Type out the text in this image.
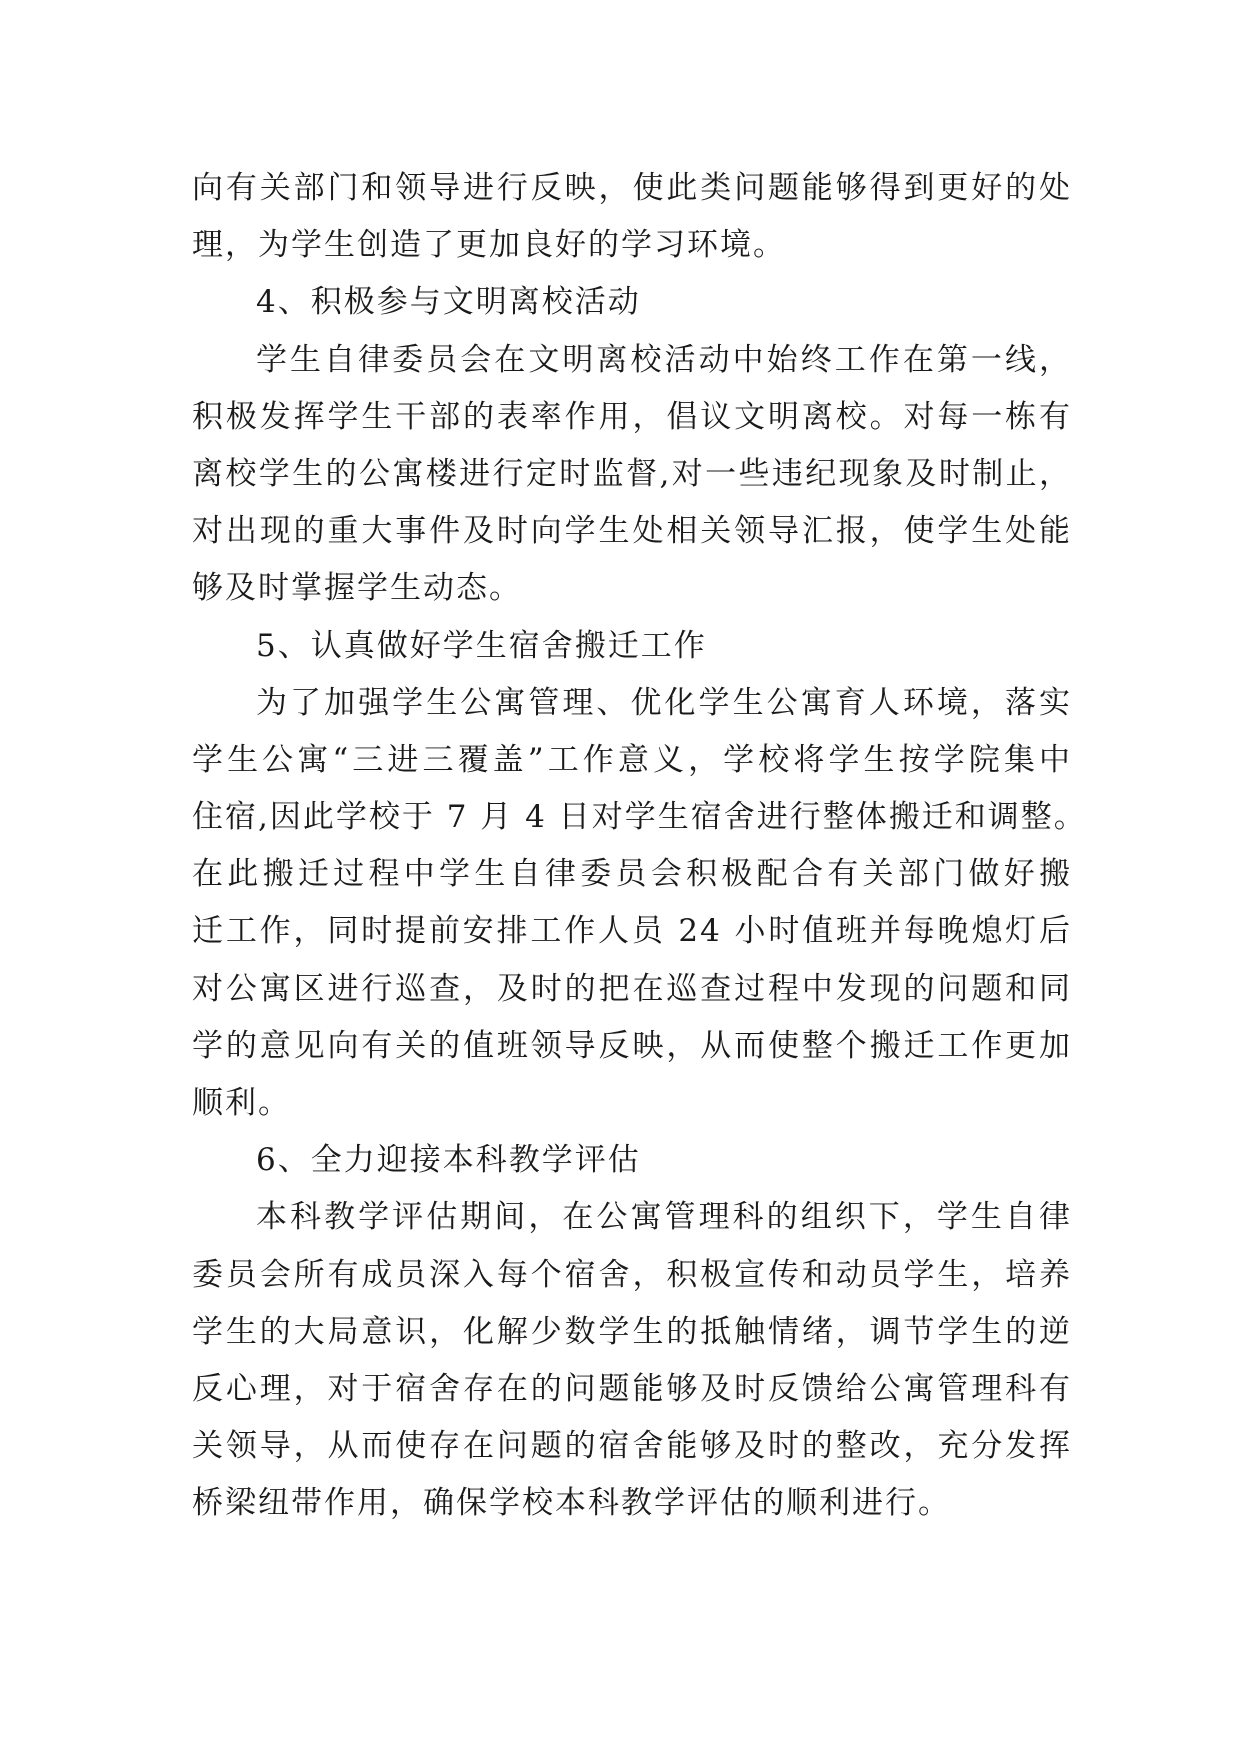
向有关部门和领导进行反映，使此类问题能够得到更好的处
理，为学生创造了更加良好的学习环境。
4、积极参与文明离校活动
学生自律委员会在文明离校活动中始终工作在第一线，
积极发挥学生干部的表率作用，倡议文明离校。对每一栋有
离校学生的公寓楼进行定时监督,对一些违纪现象及时制止，
对出现的重大事件及时向学生处相关领导汇报，使学生处能
够及时掌握学生动态。
5、认真做好学生宿舍搬迁工作
为了加强学生公寓管理、优化学生公寓育人环境，落实
学生公寓“三进三覆盖”工作意义，学校将学生按学院集中
住宿,因此学校于 7 月 4 日对学生宿舍进行整体搬迁和调整。
在此搬迁过程中学生自律委员会积极配合有关部门做好搬
迁工作，同时提前安排工作人员 24 小时值班并每晚熄灯后
对公寓区进行巡查，及时的把在巡查过程中发现的问题和同
学的意见向有关的值班领导反映，从而使整个搬迁工作更加
顺利。
6、全力迎接本科教学评估
本科教学评估期间，在公寓管理科的组织下，学生自律
委员会所有成员深入每个宿舍，积极宣传和动员学生，培养
学生的大局意识，化解少数学生的抵触情绪，调节学生的逆
反心理，对于宿舍存在的问题能够及时反馈给公寓管理科有
关领导，从而使存在问题的宿舍能够及时的整改，充分发挥
桥梁纽带作用，确保学校本科教学评估的顺利进行。
